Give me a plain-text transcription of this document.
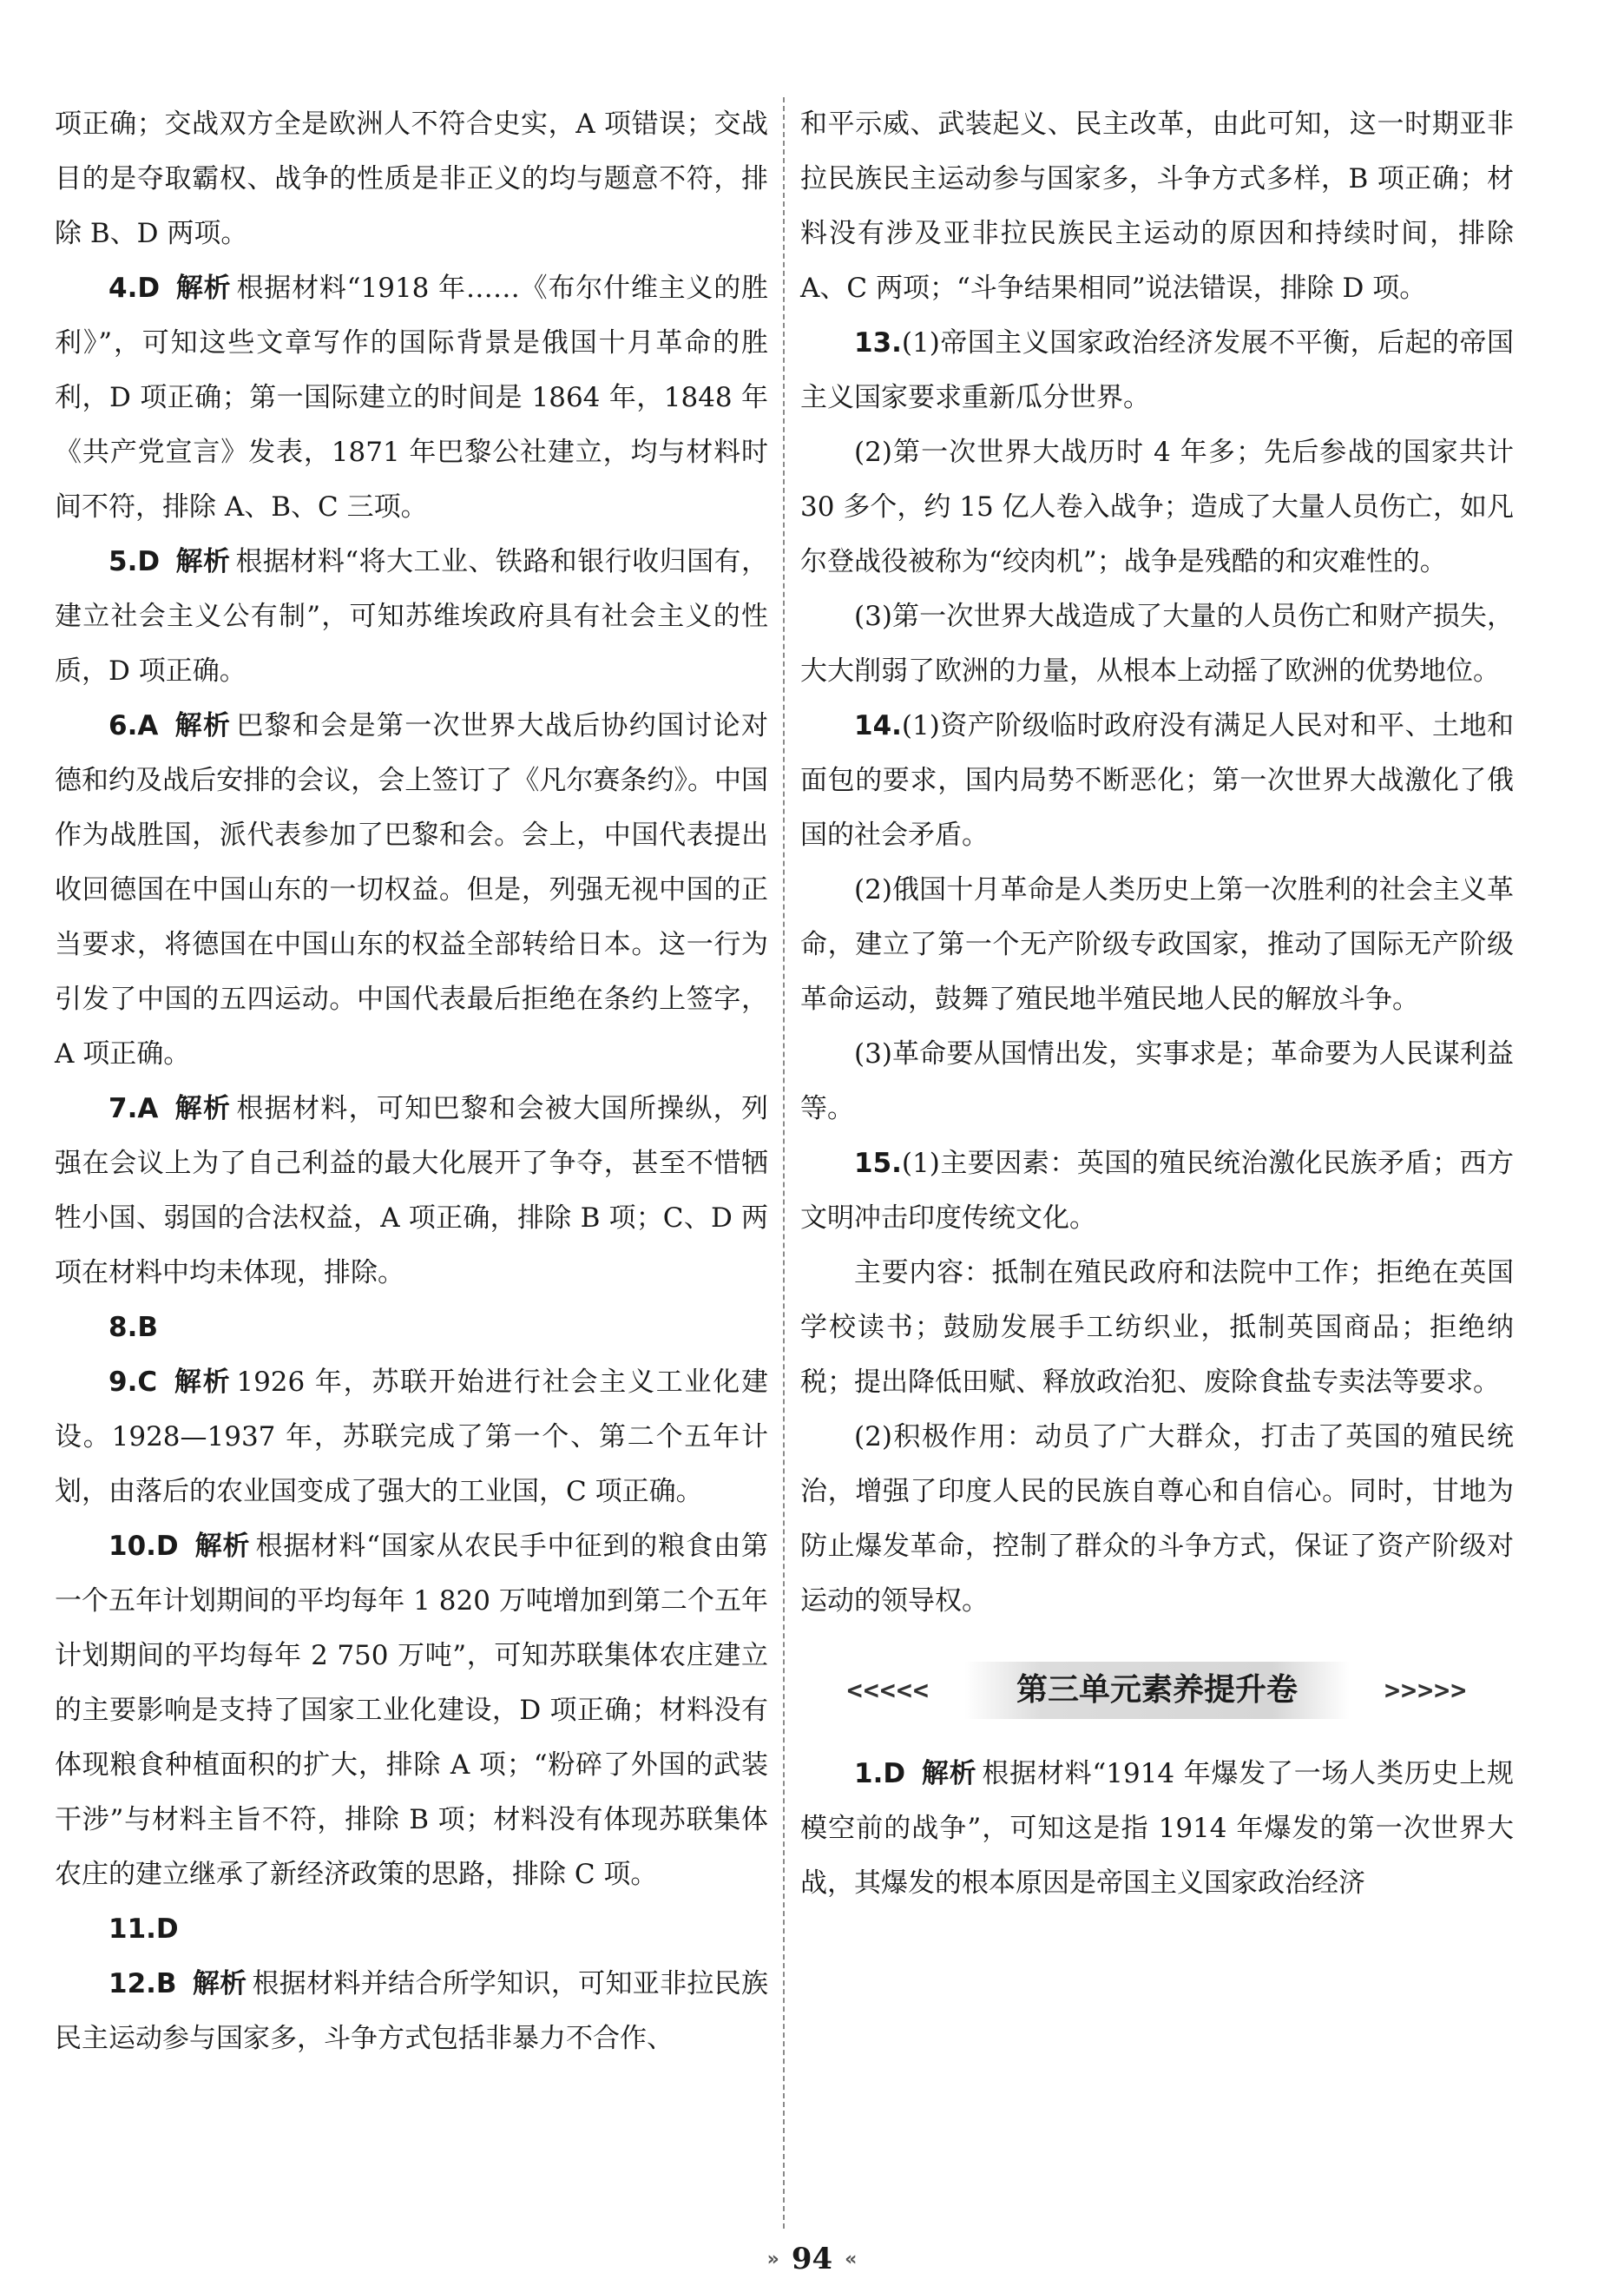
项正确；交战双方全是欧洲人不符合史实，A 项错误；交战目的是夺取霸权、战争的性质是非正义的均与题意不符，排除 B、D 两项。

4.D 解析 根据材料“1918 年……《布尔什维主义的胜利》”，可知这些文章写作的国际背景是俄国十月革命的胜利，D 项正确；第一国际建立的时间是 1864 年，1848 年《共产党宣言》发表，1871 年巴黎公社建立，均与材料时间不符，排除 A、B、C 三项。

5.D 解析 根据材料“将大工业、铁路和银行收归国有，建立社会主义公有制”，可知苏维埃政府具有社会主义的性质，D 项正确。

6.A 解析 巴黎和会是第一次世界大战后协约国讨论对德和约及战后安排的会议，会上签订了《凡尔赛条约》。中国作为战胜国，派代表参加了巴黎和会。会上，中国代表提出收回德国在中国山东的一切权益。但是，列强无视中国的正当要求，将德国在中国山东的权益全部转给日本。这一行为引发了中国的五四运动。中国代表最后拒绝在条约上签字，A 项正确。

7.A 解析 根据材料，可知巴黎和会被大国所操纵，列强在会议上为了自己利益的最大化展开了争夺，甚至不惜牺牲小国、弱国的合法权益，A 项正确，排除 B 项；C、D 两项在材料中均未体现，排除。

8.B

9.C 解析 1926 年，苏联开始进行社会主义工业化建设。1928—1937 年，苏联完成了第一个、第二个五年计划，由落后的农业国变成了强大的工业国，C 项正确。

10.D 解析 根据材料“国家从农民手中征到的粮食由第一个五年计划期间的平均每年 1 820 万吨增加到第二个五年计划期间的平均每年 2 750 万吨”，可知苏联集体农庄建立的主要影响是支持了国家工业化建设，D 项正确；材料没有体现粮食种植面积的扩大，排除 A 项；“粉碎了外国的武装干涉”与材料主旨不符，排除 B 项；材料没有体现苏联集体农庄的建立继承了新经济政策的思路，排除 C 项。

11.D

12.B 解析 根据材料并结合所学知识，可知亚非拉民族民主运动参与国家多，斗争方式包括非暴力不合作、

和平示威、武装起义、民主改革，由此可知，这一时期亚非拉民族民主运动参与国家多，斗争方式多样，B 项正确；材料没有涉及亚非拉民族民主运动的原因和持续时间，排除 A、C 两项；“斗争结果相同”说法错误，排除 D 项。

13.(1)帝国主义国家政治经济发展不平衡，后起的帝国主义国家要求重新瓜分世界。

(2)第一次世界大战历时 4 年多；先后参战的国家共计 30 多个，约 15 亿人卷入战争；造成了大量人员伤亡，如凡尔登战役被称为“绞肉机”；战争是残酷的和灾难性的。

(3)第一次世界大战造成了大量的人员伤亡和财产损失，大大削弱了欧洲的力量，从根本上动摇了欧洲的优势地位。

14.(1)资产阶级临时政府没有满足人民对和平、土地和面包的要求，国内局势不断恶化；第一次世界大战激化了俄国的社会矛盾。

(2)俄国十月革命是人类历史上第一次胜利的社会主义革命，建立了第一个无产阶级专政国家，推动了国际无产阶级革命运动，鼓舞了殖民地半殖民地人民的解放斗争。

(3)革命要从国情出发，实事求是；革命要为人民谋利益等。

15.(1)主要因素：英国的殖民统治激化民族矛盾；西方文明冲击印度传统文化。

主要内容：抵制在殖民政府和法院中工作；拒绝在英国学校读书；鼓励发展手工纺织业，抵制英国商品；拒绝纳税；提出降低田赋、释放政治犯、废除食盐专卖法等要求。

(2)积极作用：动员了广大群众，打击了英国的殖民统治，增强了印度人民的民族自尊心和自信心。同时，甘地为防止爆发革命，控制了群众的斗争方式，保证了资产阶级对运动的领导权。

<<<<<	第三单元素养提升卷	>>>>>

1.D 解析 根据材料“1914 年爆发了一场人类历史上规模空前的战争”，可知这是指 1914 年爆发的第一次世界大战，其爆发的根本原因是帝国主义国家政治经济

» 94 «
